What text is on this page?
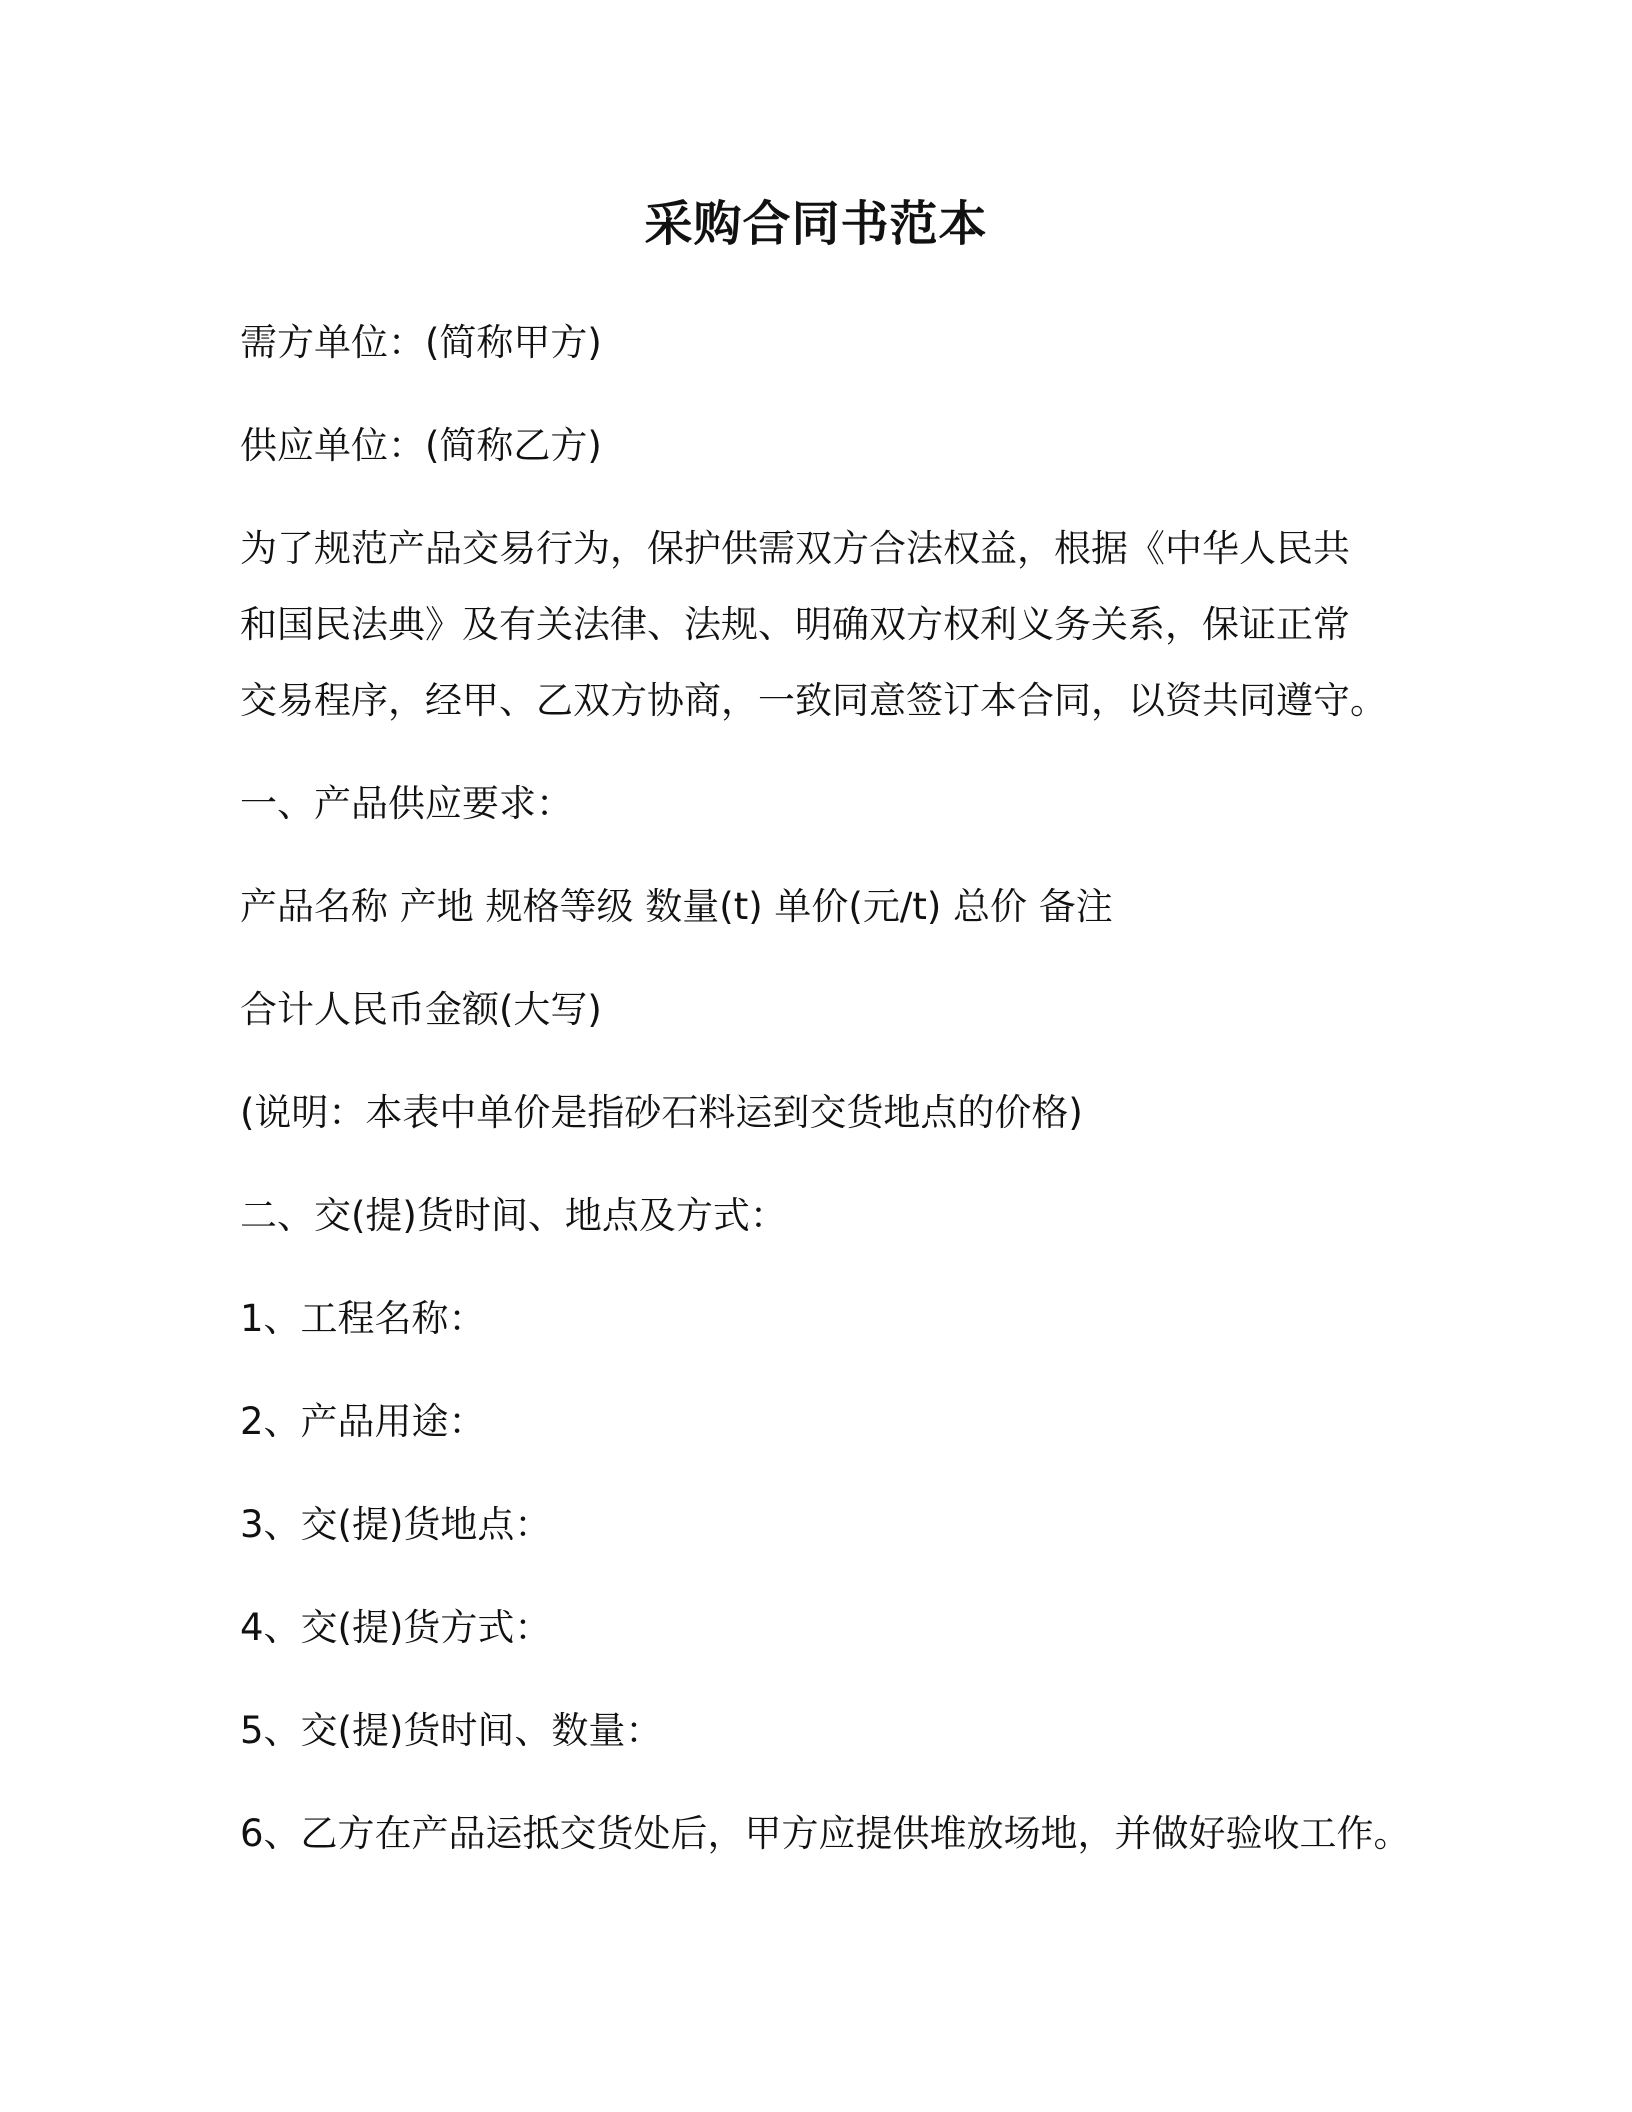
采购合同书范本
需方单位：(简称甲方)
供应单位：(简称乙方)
为了规范产品交易行为，保护供需双方合法权益，根据《中华人民共
和国民法典》及有关法律、法规、明确双方权利义务关系，保证正常
交易程序，经甲、乙双方协商，一致同意签订本合同，以资共同遵守。
一、产品供应要求：
产品名称 产地 规格等级 数量(t) 单价(元/t) 总价 备注
合计人民币金额(大写)
(说明：本表中单价是指砂石料运到交货地点的价格)
二、交(提)货时间、地点及方式：
1、工程名称：
2、产品用途：
3、交(提)货地点：
4、交(提)货方式：
5、交(提)货时间、数量：
6、乙方在产品运抵交货处后，甲方应提供堆放场地，并做好验收工作。
